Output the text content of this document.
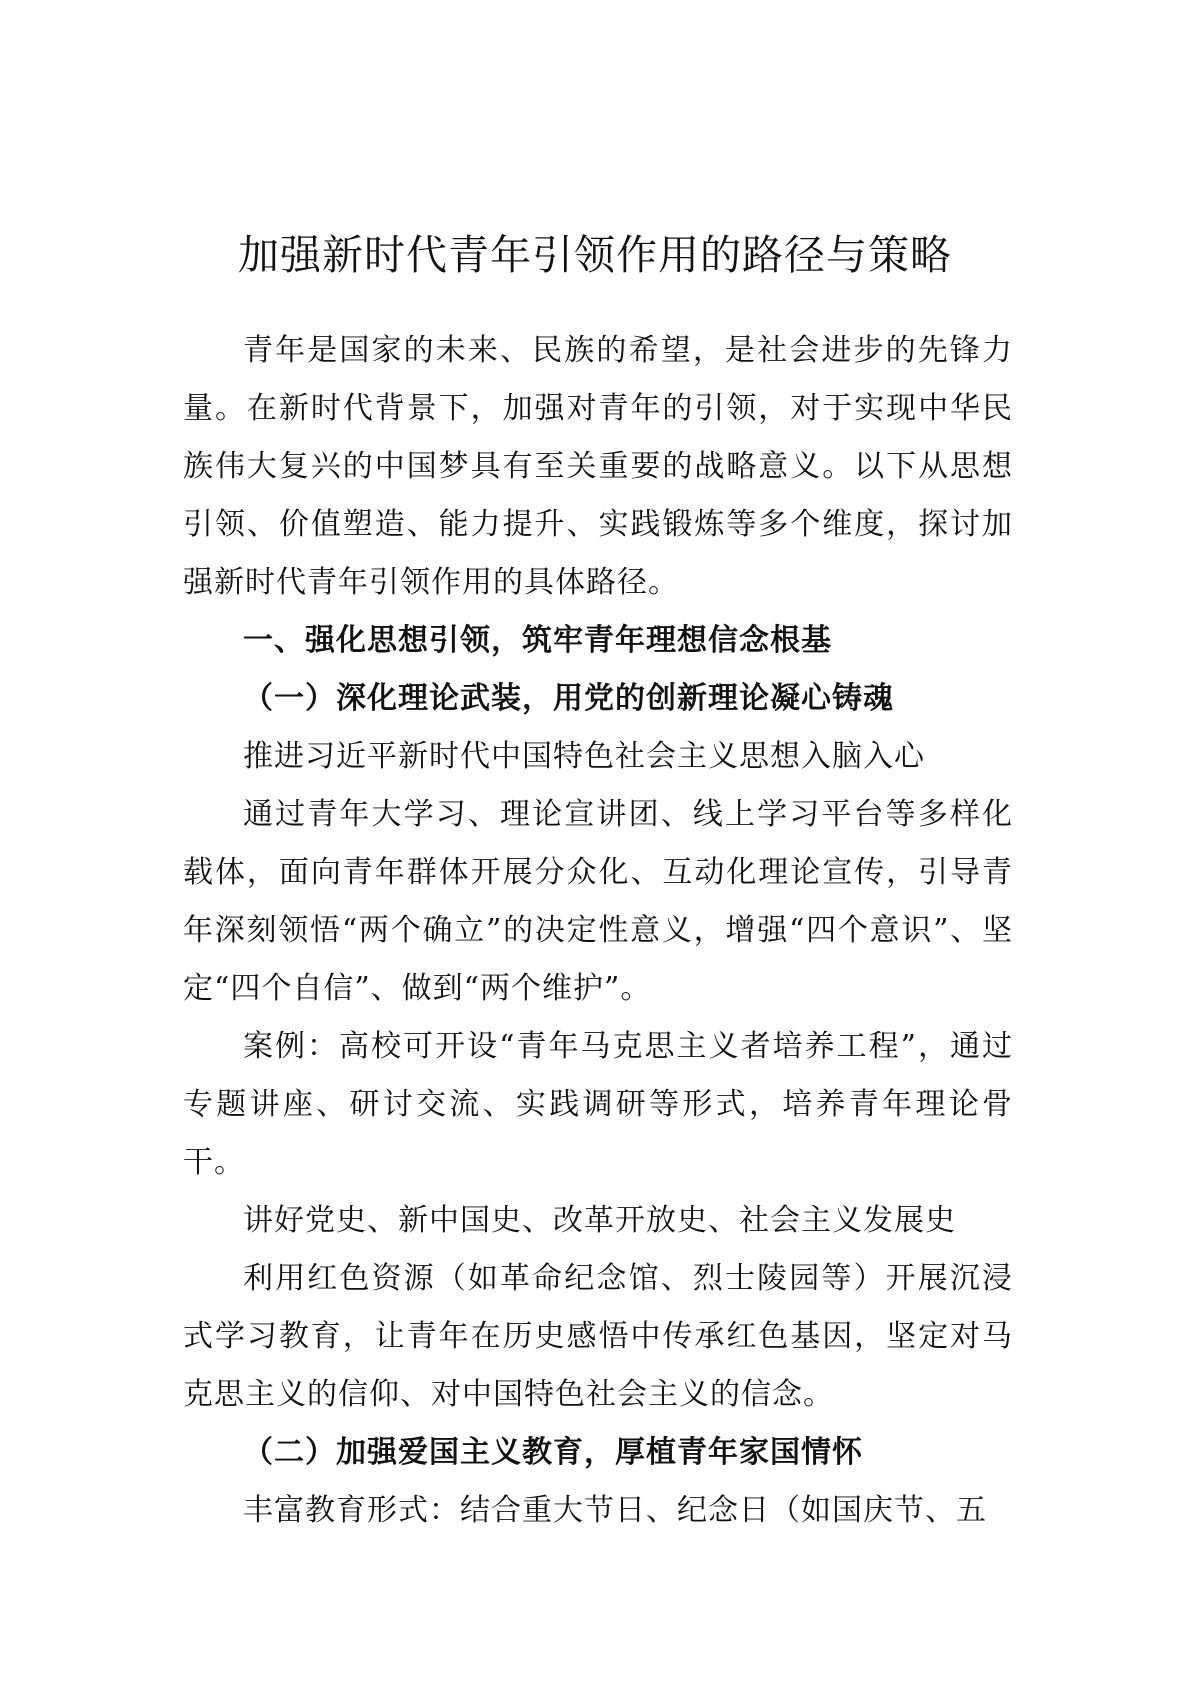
加强新时代青年引领作用的路径与策略

青年是国家的未来、民族的希望，是社会进步的先锋力量。在新时代背景下，加强对青年的引领，对于实现中华民族伟大复兴的中国梦具有至关重要的战略意义。以下从思想引领、价值塑造、能力提升、实践锻炼等多个维度，探讨加强新时代青年引领作用的具体路径。

一、强化思想引领，筑牢青年理想信念根基

（一）深化理论武装，用党的创新理论凝心铸魂

推进习近平新时代中国特色社会主义思想入脑入心

通过青年大学习、理论宣讲团、线上学习平台等多样化载体，面向青年群体开展分众化、互动化理论宣传，引导青年深刻领悟“两个确立”的决定性意义，增强“四个意识”、坚定“四个自信”、做到“两个维护”。

案例：高校可开设“青年马克思主义者培养工程”，通过专题讲座、研讨交流、实践调研等形式，培养青年理论骨干。

讲好党史、新中国史、改革开放史、社会主义发展史

利用红色资源（如革命纪念馆、烈士陵园等）开展沉浸式学习教育，让青年在历史感悟中传承红色基因，坚定对马克思主义的信仰、对中国特色社会主义的信念。

（二）加强爱国主义教育，厚植青年家国情怀

丰富教育形式：结合重大节日、纪念日（如国庆节、五
